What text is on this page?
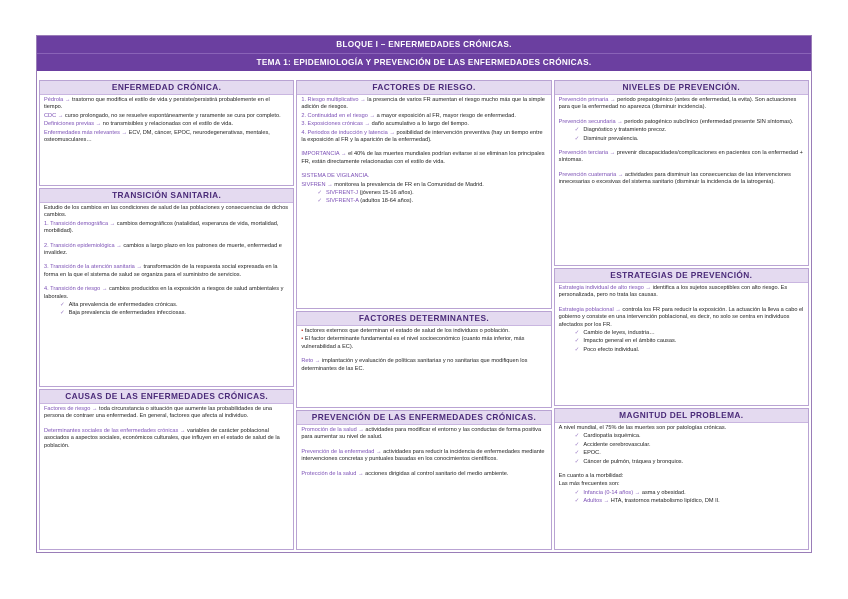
BLOQUE I – ENFERMEDADES CRÓNICAS.
TEMA 1: EPIDEMIOLOGÍA Y PREVENCIÓN DE LAS ENFERMEDADES CRÓNICAS.
ENFERMEDAD CRÓNICA.

Pédrola → trastorno que modifica el estilo de vida y persiste/persistirá probablemente en el tiempo.

CDC → curso prolongado, no se resuelve espontáneamente y raramente se cura por completo.

Definiciones previas → no transmisibles y relacionadas con el estilo de vida.

Enfermedades más relevantes → ECV, DM, cáncer, EPOC, neurodegenerativas, mentales, osteomusculares…

TRANSICIÓN SANITARIA.

Estudio de los cambios en las condiciones de salud de las poblaciones y consecuencias de dichos cambios.

1. Transición demográfica → cambios demográficos (natalidad, esperanza de vida, mortalidad, morbilidad).

2. Transición epidemiológica → cambios a largo plazo en los patrones de muerte, enfermedad e invalidez.

3. Transición de la atención sanitaria → transformación de la respuesta social expresada en la forma en la que el sistema de salud se organiza para el suministro de servicios.

4. Transición de riesgo → cambios producidos en la exposición a riesgos de salud ambientales y laborales.

✓ Alta prevalencia de enfermedades crónicas.

✓ Baja prevalencia de enfermedades infecciosas.

CAUSAS DE LAS ENFERMEDADES CRÓNICAS.

Factores de riesgo → toda circunstancia o situación que aumente las probabilidades de una persona de contraer una enfermedad. En general, factores que afecta al individuo.

Determinantes sociales de las enfermedades crónicas → variables de carácter poblacional asociados a aspectos sociales, económicos culturales, que influyen en el estado de salud de la población.

FACTORES DE RIESGO.

1. Riesgo multiplicativo → la presencia de varios FR aumentan el riesgo mucho más que la simple adición de riesgos.

2. Continuidad en el riesgo → a mayor exposición al FR, mayor riesgo de enfermedad.

3. Exposiciones crónicas → daño acumulativo a lo largo del tiempo.

4. Periodos de inducción y latencia → posibilidad de intervención preventiva (hay un tiempo entre la exposición al FR y la aparición de la enfermedad).

IMPORTANCIA → el 40% de las muertes mundiales podrían evitarse si se eliminan los principales FR, están directamente relacionadas con el estilo de vida.

SISTEMA DE VIGILANCIA.

SIVFREN → monitorea la prevalencia de FR en la Comunidad de Madrid.

✓ SIVFRENT-J (jóvenes 15-16 años).

✓ SIVFRENT-A (adultos 18-64 años).

FACTORES DETERMINANTES.

▪ factores externos que determinan el estado de salud de los individuos o población.

▪ El factor determinante fundamental es el nivel socioeconómico (cuanto más inferior, más vulnerabilidad a EC).

Reto → implantación y evaluación de políticas sanitarias y no sanitarias que modifiquen los determinantes de las EC.

PREVENCIÓN DE LAS ENFERMEDADES CRÓNICAS.

Promoción de la salud → actividades para modificar el entorno y las conductas de forma positiva para aumentar su nivel de salud.

Prevención de la enfermedad → actividades para reducir la incidencia de enfermedades mediante intervenciones concretas y puntuales basadas en los conocimientos científicos.

Protección de la salud → acciones dirigidas al control sanitario del medio ambiente.

NIVELES DE PREVENCIÓN.

Prevención primaria → periodo prepatogénico (antes de enfermedad, la evita). Son actuaciones para que la enfermedad no aparezca (disminuir incidencia).

Prevención secundaria → periodo patogénico subclínico (enfermedad presente SIN síntomas).

✓ Diagnóstico y tratamiento precoz.

✓ Disminuir prevalencia.

Prevención terciaria → prevenir discapacidades/complicaciones en pacientes con la enfermedad + síntomas.

Prevención cuaternaria → actividades para disminuir las consecuencias de las intervenciones innecesarias o excesivas del sistema sanitario (disminuir la incidencia de la iatrogenia).

ESTRATEGIAS DE PREVENCIÓN.

Estrategia individual de alto riesgo → identifica a los sujetos susceptibles con alto riesgo. Es personalizada, pero no trata las causas.

Estrategia poblacional → controla los FR para reducir la exposición. La actuación la lleva a cabo el gobierno y consiste en una intervención poblacional, es decir, no solo se centra en individuos afectados por los FR.

✓ Cambio de leyes, industria…

✓ Impacto general en el ámbito causas.

✓ Poco efecto individual.

MAGNITUD DEL PROBLEMA.

A nivel mundial, el 75% de las muertes son por patologías crónicas.

✓ Cardiopatía isquémica.

✓ Accidente cerebrovascular.

✓ EPOC.

✓ Cáncer de pulmón, tráquea y bronquios.

En cuanto a la morbilidad:

Las más frecuentes son:

✓ Infancia (0-14 años) → asma y obesidad.

✓ Adultos → HTA, trastornos metabolismo lipídico, DM II.
